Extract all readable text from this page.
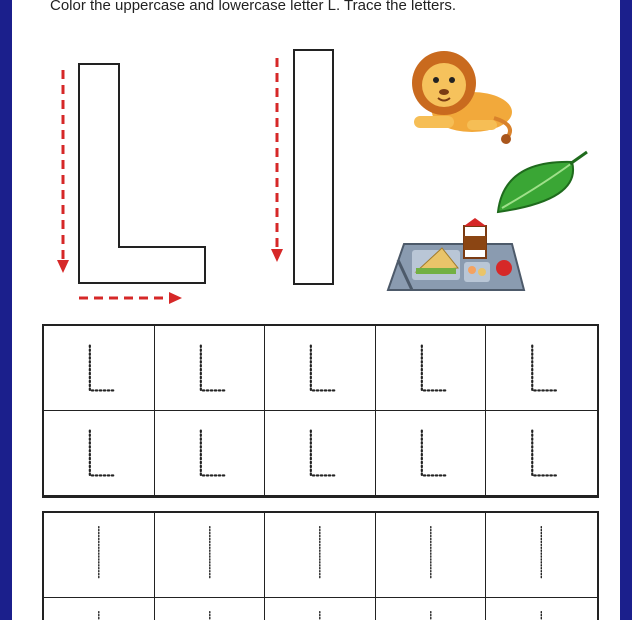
Color the uppercase and lowercase letter L. Trace the letters.
